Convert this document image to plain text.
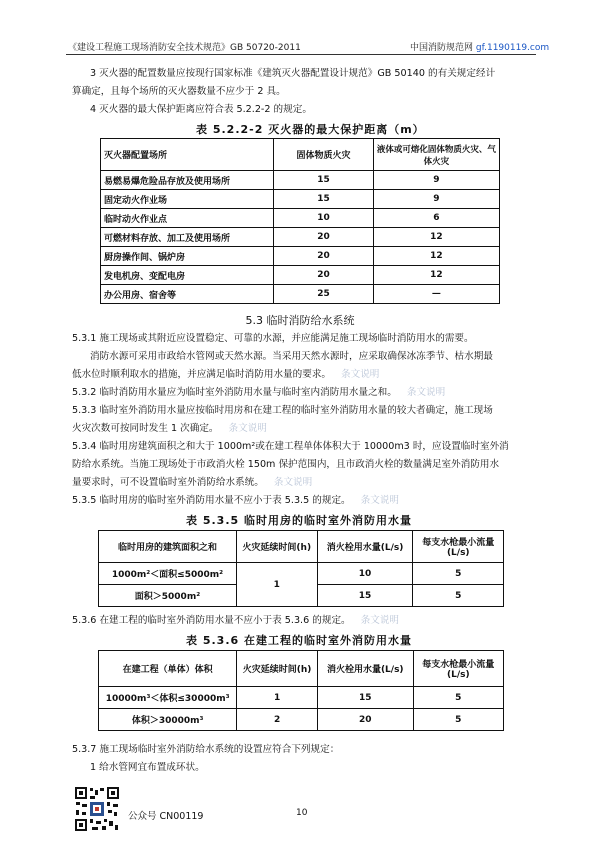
《建设工程施工现场消防安全技术规范》GB 50720-2011	中国消防规范网 gf.1190119.com
3 灭火器的配置数量应按现行国家标准《建筑灭火器配置设计规范》GB 50140 的有关规定经计
算确定，且每个场所的灭火器数量不应少于 2 具。
4 灭火器的最大保护距离应符合表 5.2.2-2 的规定。
表 5.2.2-2 灭火器的最大保护距离（m）
灭火器配置场所	固体物质火灾	液体或可熔化固体物质火灾、气体火灾
易燃易爆危险品存放及使用场所	15	9
固定动火作业场	15	9
临时动火作业点	10	6
可燃材料存放、加工及使用场所	20	12
厨房操作间、锅炉房	20	12
发电机房、变配电房	20	12
办公用房、宿舍等	25	—
5.3 临时消防给水系统
5.3.1 施工现场或其附近应设置稳定、可靠的水源，并应能满足施工现场临时消防用水的需要。
消防水源可采用市政给水管网或天然水源。当采用天然水源时，应采取确保冰冻季节、枯水期最
低水位时顺利取水的措施，并应满足临时消防用水量的要求。 条文说明
5.3.2 临时消防用水量应为临时室外消防用水量与临时室内消防用水量之和。 条文说明
5.3.3 临时室外消防用水量应按临时用房和在建工程的临时室外消防用水量的较大者确定，施工现场
火灾次数可按同时发生 1 次确定。 条文说明
5.3.4 临时用房建筑面积之和大于 1000m²或在建工程单体体积大于 10000m3 时，应设置临时室外消
防给水系统。当施工现场处于市政消火栓 150m 保护范围内，且市政消火栓的数量满足室外消防用水
量要求时，可不设置临时室外消防给水系统。 条文说明
5.3.5 临时用房的临时室外消防用水量不应小于表 5.3.5 的规定。 条文说明
表 5.3.5 临时用房的临时室外消防用水量
临时用房的建筑面积之和	火灾延续时间(h)	消火栓用水量(L/s)	每支水枪最小流量(L/s)
1000m²＜面积≤5000m²	1	10	5
面积＞5000m²		15	5
5.3.6 在建工程的临时室外消防用水量不应小于表 5.3.6 的规定。 条文说明
表 5.3.6 在建工程的临时室外消防用水量
在建工程（单体）体积	火灾延续时间(h)	消火栓用水量(L/s)	每支水枪最小流量(L/s)
10000m³＜体积≤30000m³	1	15	5
体积＞30000m³	2	20	5
5.3.7 施工现场临时室外消防给水系统的设置应符合下列规定：
1 给水管网宜布置成环状。
公众号 CN00119	10
